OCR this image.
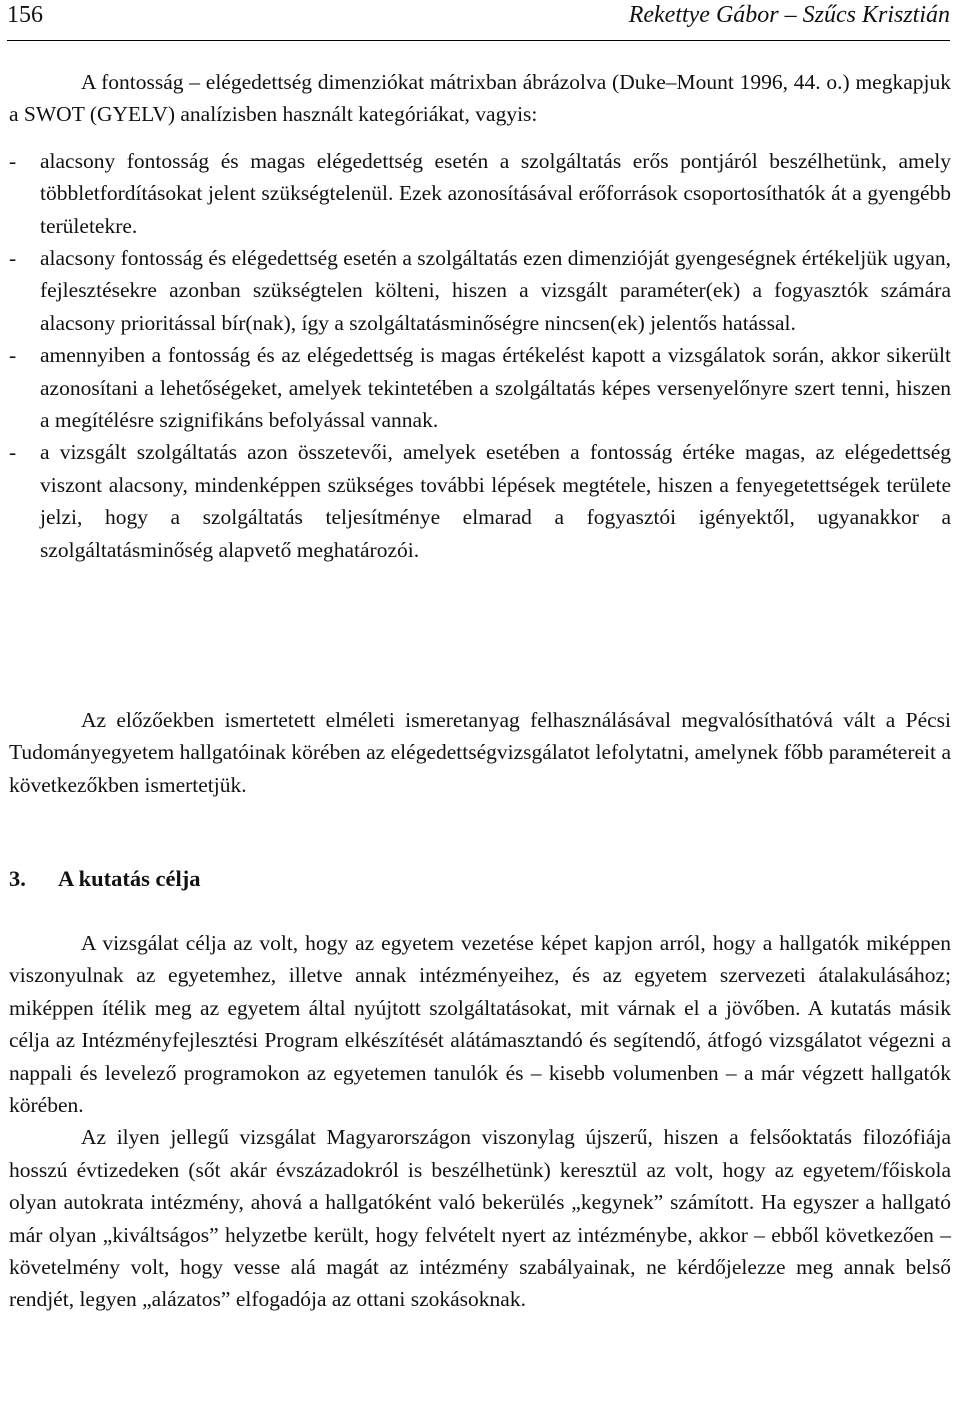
156	Rekettye Gábor – Szűcs Krisztián

A fontosság – elégedettség dimenziókat mátrixban ábrázolva (Duke–Mount 1996, 44. o.) megkapjuk a SWOT (GYELV) analízisben használt kategóriákat, vagyis:

- alacsony fontosság és magas elégedettség esetén a szolgáltatás erős pontjáról beszélhetünk, amely többletfordításokat jelent szükségtelenül. Ezek azonosításával erőforrások csoportosíthatók át a gyengébb területekre.
- alacsony fontosság és elégedettség esetén a szolgáltatás ezen dimenzióját gyengeségnek értékeljük ugyan, fejlesztésekre azonban szükségtelen költeni, hiszen a vizsgált paraméter(ek) a fogyasztók számára alacsony prioritással bír(nak), így a szolgáltatásminőségre nincsen(ek) jelentős hatással.
- amennyiben a fontosság és az elégedettség is magas értékelést kapott a vizsgálatok során, akkor sikerült azonosítani a lehetőségeket, amelyek tekintetében a szolgáltatás képes versenyelőnyre szert tenni, hiszen a megítélésre szignifikáns befolyással vannak.
- a vizsgált szolgáltatás azon összetevői, amelyek esetében a fontosság értéke magas, az elégedettség viszont alacsony, mindenképpen szükséges további lépések megtétele, hiszen a fenyegetettségek területe jelzi, hogy a szolgáltatás teljesítménye elmarad a fogyasztói igényektől, ugyanakkor a szolgáltatásminőség alapvető meghatározói.

Az előzőekben ismertetett elméleti ismeretanyag felhasználásával megvalósíthatóvá vált a Pécsi Tudományegyetem hallgatóinak körében az elégedettségvizsgálatot lefolytatni, amelynek főbb paramétereit a következőkben ismertetjük.

3. A kutatás célja

A vizsgálat célja az volt, hogy az egyetem vezetése képet kapjon arról, hogy a hallgatók miképpen viszonyulnak az egyetemhez, illetve annak intézményeihez, és az egyetem szervezeti átalakulásához; miképpen ítélik meg az egyetem által nyújtott szolgáltatásokat, mit várnak el a jövőben. A kutatás másik célja az Intézményfejlesztési Program elkészítését alátámasztandó és segítendő, átfogó vizsgálatot végezni a nappali és levelező programokon az egyetemen tanulók és – kisebb volumenben – a már végzett hallgatók körében.

Az ilyen jellegű vizsgálat Magyarországon viszonylag újszerű, hiszen a felsőoktatás filozófiája hosszú évtizedeken (sőt akár évszázadokról is beszélhetünk) keresztül az volt, hogy az egyetem/főiskola olyan autokrata intézmény, ahová a hallgatóként való bekerülés „kegynek” számított. Ha egyszer a hallgató már olyan „kiváltságos” helyzetbe került, hogy felvételt nyert az intézménybe, akkor – ebből következően – követelmény volt, hogy vesse alá magát az intézmény szabályainak, ne kérdőjelezze meg annak belső rendjét, legyen „alázatos” elfogadója az ottani szokásoknak.
